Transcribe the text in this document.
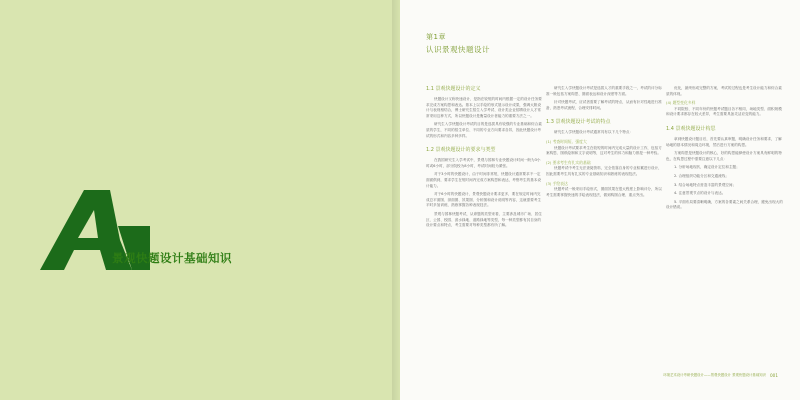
景观快题设计基础知识
第1章
认识景观快题设计
1.1 景观快题设计的定义
快题设计又称快速设计，是指在较短的时间内根据一定的设计任务要求完成方案构思和表达。基本上以手绘的形式展示设计成果，强调大胆设计与表现相结合，博士研究生招生入学考试、设计类企业招聘设计人才常常采用这种方式，所以快题设计是衡量设计者能力的重要方法之一。
研究生入学快题设计考试的目的是选拔具有较强的专业基础和综合素质的学生，不同的招生单位、不同的专业方向要求各异，因此快题设计考试的形式和内容多种多样。
1.2 景观快题设计的要求与类型
在我国研究生入学考试中，景观与园林专业快题设计时间一般为3小时或6小时，部分院校为8小时，考试时间较为紧张。
对于3小时的快题设计，由于时间非常短，快题设计通常要求不一定面面俱到，要求学生在短时间内完成方案构思和表达，考察考生的基本设计能力。
对于6小时的快题设计，景观快题设计要求更多，要在规定时间内完成总平面图、剖面图、效果图、分析图和设计说明等内容，这就需要考生平时多加训练，熟练掌握各种表现技法。
景观与园林快题考试，从命题的类型来看，主要涉及城市广场、居住区、公园、校园、滨水绿地、道路绿地等类型，每一种类型都有其自身的设计要点和特点，考生需要对每种类型都有所了解。
研究生入学快题设计考试是选拔人才的重要手段之一，考试的评分标准一般包括方案构思、图面表达和设计深度等方面。
针对快题考试，应试者需要了解考试的特点，从而有针对性地进行准备，熟悉考试流程，合理安排时间。
1.3 景观快题设计考试的特点
研究生入学快题设计考试通常具有以下几个特点：
(1) 考查时间短、强度大
快题设计考试要求考生在较短的时间内完成大量的设计工作，包括方案构思、图纸绘制和文字说明等，这对考生的体力和脑力都是一种考验。
(2) 要求考生有扎实的基础
快题考试中考生无法查阅资料，完全依靠自身的专业积累进行设计，因此需要考生具有扎实的专业基础知识和熟练的表现技法。
(3) 手绘表达
快题考试一般采用手绘形式，图面效果在很大程度上影响评分，所以考生需要掌握快速的手绘表现技法，做到构图合理、重点突出。
优化，最终形成完整的方案，考试的过程也是考生设计能力和综合素质的体现。
(4) 题型变化多样
不同院校、不同年份的快题考试题目各不相同，场地类型、面积规模和设计要求都存在较大差异，考生需要具备灵活应变的能力。
1.4 景观快题设计构思
拿到快题设计题目后，首先要认真审题，明确设计任务和要求，了解场地的基本情况和周边环境，然后进行方案的构思。
方案构思是快题设计的核心，好的构思能够使设计方案具有鲜明的特色，在构思过程中需要注意以下几点：
1. 分析场地现状，确定设计定位和主题；
2. 合理组织功能分区和交通流线；
3. 结合场地特点营造丰富的景观空间；
4. 注意景观节点的设计与表达。
5. 平面布局要清晰明确，方案的各要素之间关系合理，避免出现大的设计错误。
环境艺术设计考研快题设计——景观快题设计 景观快题设计基础知识 001
